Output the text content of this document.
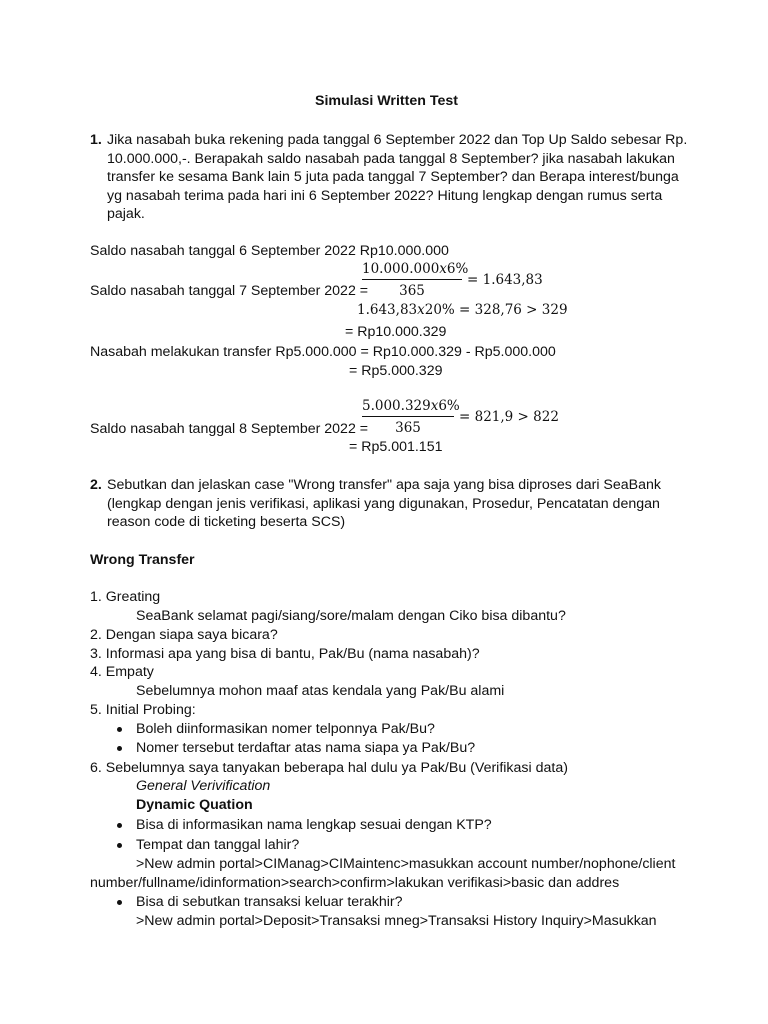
Simulasi Written Test
1. Jika nasabah buka rekening pada tanggal 6 September 2022 dan Top Up Saldo sebesar Rp.
10.000.000,-. Berapakah saldo nasabah pada tanggal 8 September? jika nasabah lakukan
transfer ke sesama Bank lain 5 juta pada tanggal 7 September? dan Berapa interest/bunga
yg nasabah terima pada hari ini 6 September 2022? Hitung lengkap dengan rumus serta
pajak.
Saldo nasabah tanggal 6 September 2022 Rp10.000.000
10.000.000x6%
365
= 1.643,83
Saldo nasabah tanggal 7 September 2022 =
1.643,83x20% = 328,76 > 329
= Rp10.000.329
Nasabah melakukan transfer Rp5.000.000 = Rp10.000.329 - Rp5.000.000
= Rp5.000.329
5.000.329x6%
365
= 821,9 > 822
Saldo nasabah tanggal 8 September 2022 =
= Rp5.001.151
2. Sebutkan dan jelaskan case "Wrong transfer" apa saja yang bisa diproses dari SeaBank
(lengkap dengan jenis verifikasi, aplikasi yang digunakan, Prosedur, Pencatatan dengan
reason code di ticketing beserta SCS)
Wrong Transfer
1. Greating
SeaBank selamat pagi/siang/sore/malam dengan Ciko bisa dibantu?
2. Dengan siapa saya bicara?
3. Informasi apa yang bisa di bantu, Pak/Bu (nama nasabah)?
4. Empaty
Sebelumnya mohon maaf atas kendala yang Pak/Bu alami
5. Initial Probing:
Boleh diinformasikan nomer telponnya Pak/Bu?
Nomer tersebut terdaftar atas nama siapa ya Pak/Bu?
6. Sebelumnya saya tanyakan beberapa hal dulu ya Pak/Bu (Verifikasi data)
General Verivification
Dynamic Quation
Bisa di informasikan nama lengkap sesuai dengan KTP?
Tempat dan tanggal lahir?
>New admin portal>CIManag>CIMaintenc>masukkan account number/nophone/client
number/fullname/idinformation>search>confirm>lakukan verifikasi>basic dan addres
Bisa di sebutkan transaksi keluar terakhir?
>New admin portal>Deposit>Transaksi mneg>Transaksi History Inquiry>Masukkan
